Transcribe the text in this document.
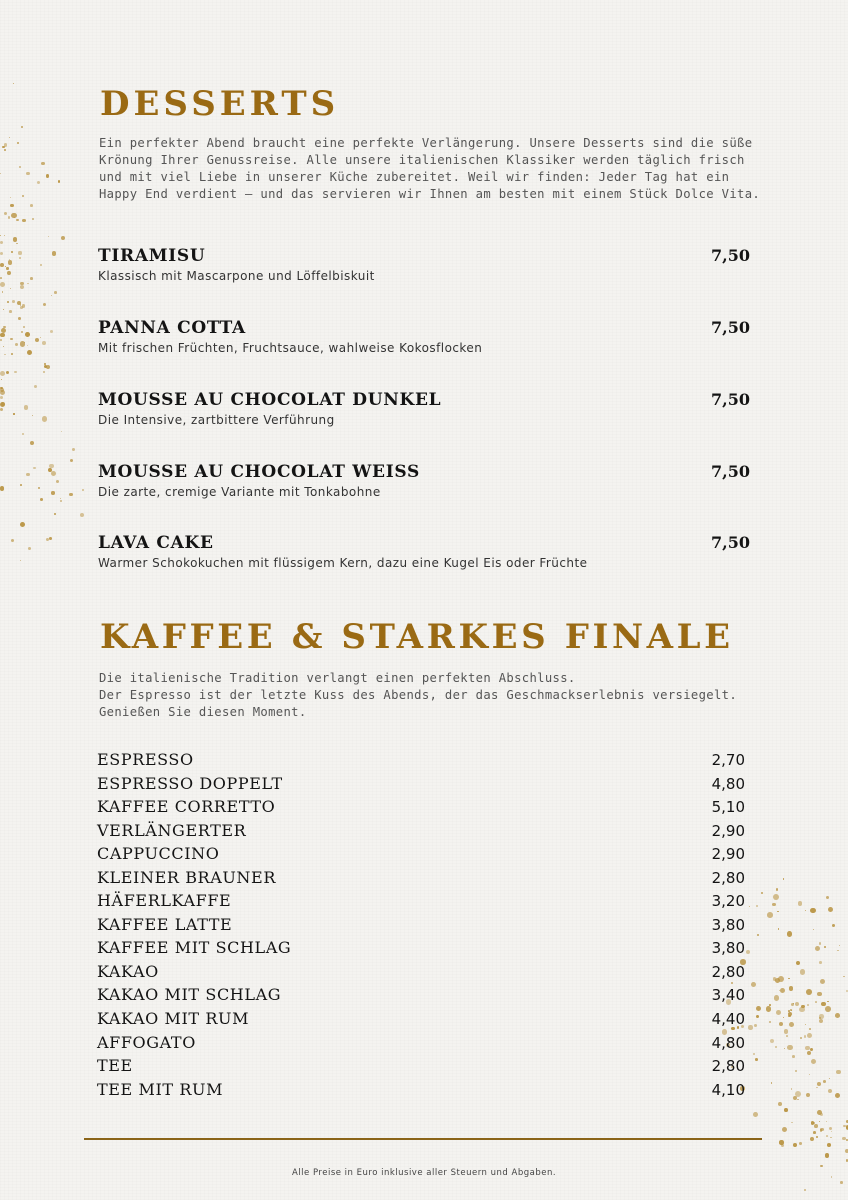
DESSERTS

Ein perfekter Abend braucht eine perfekte Verlängerung. Unsere Desserts sind die süße
Krönung Ihrer Genussreise. Alle unsere italienischen Klassiker werden täglich frisch
und mit viel Liebe in unserer Küche zubereitet. Weil wir finden: Jeder Tag hat ein
Happy End verdient – und das servieren wir Ihnen am besten mit einem Stück Dolce Vita.

TIRAMISU	7,50
Klassisch mit Mascarpone und Löffelbiskuit
PANNA COTTA	7,50
Mit frischen Früchten, Fruchtsauce, wahlweise Kokosflocken
MOUSSE AU CHOCOLAT DUNKEL	7,50
Die Intensive, zartbittere Verführung
MOUSSE AU CHOCOLAT WEISS	7,50
Die zarte, cremige Variante mit Tonkabohne
LAVA CAKE	7,50
Warmer Schokokuchen mit flüssigem Kern, dazu eine Kugel Eis oder Früchte
KAFFEE & STARKES FINALE

Die italienische Tradition verlangt einen perfekten Abschluss.
Der Espresso ist der letzte Kuss des Abends, der das Geschmackserlebnis versiegelt.
Genießen Sie diesen Moment.

ESPRESSO	2,70
ESPRESSO DOPPELT	4,80
KAFFEE CORRETTO	5,10
VERLÄNGERTER	2,90
CAPPUCCINO	2,90
KLEINER BRAUNER	2,80
HÄFERLKAFFE	3,20
KAFFEE LATTE	3,80
KAFFEE MIT SCHLAG	3,80
KAKAO	2,80
KAKAO MIT SCHLAG	3,40
KAKAO MIT RUM	4,40
AFFOGATO	4,80
TEE	2,80
TEE MIT RUM	4,10
Alle Preise in Euro inklusive aller Steuern und Abgaben.
